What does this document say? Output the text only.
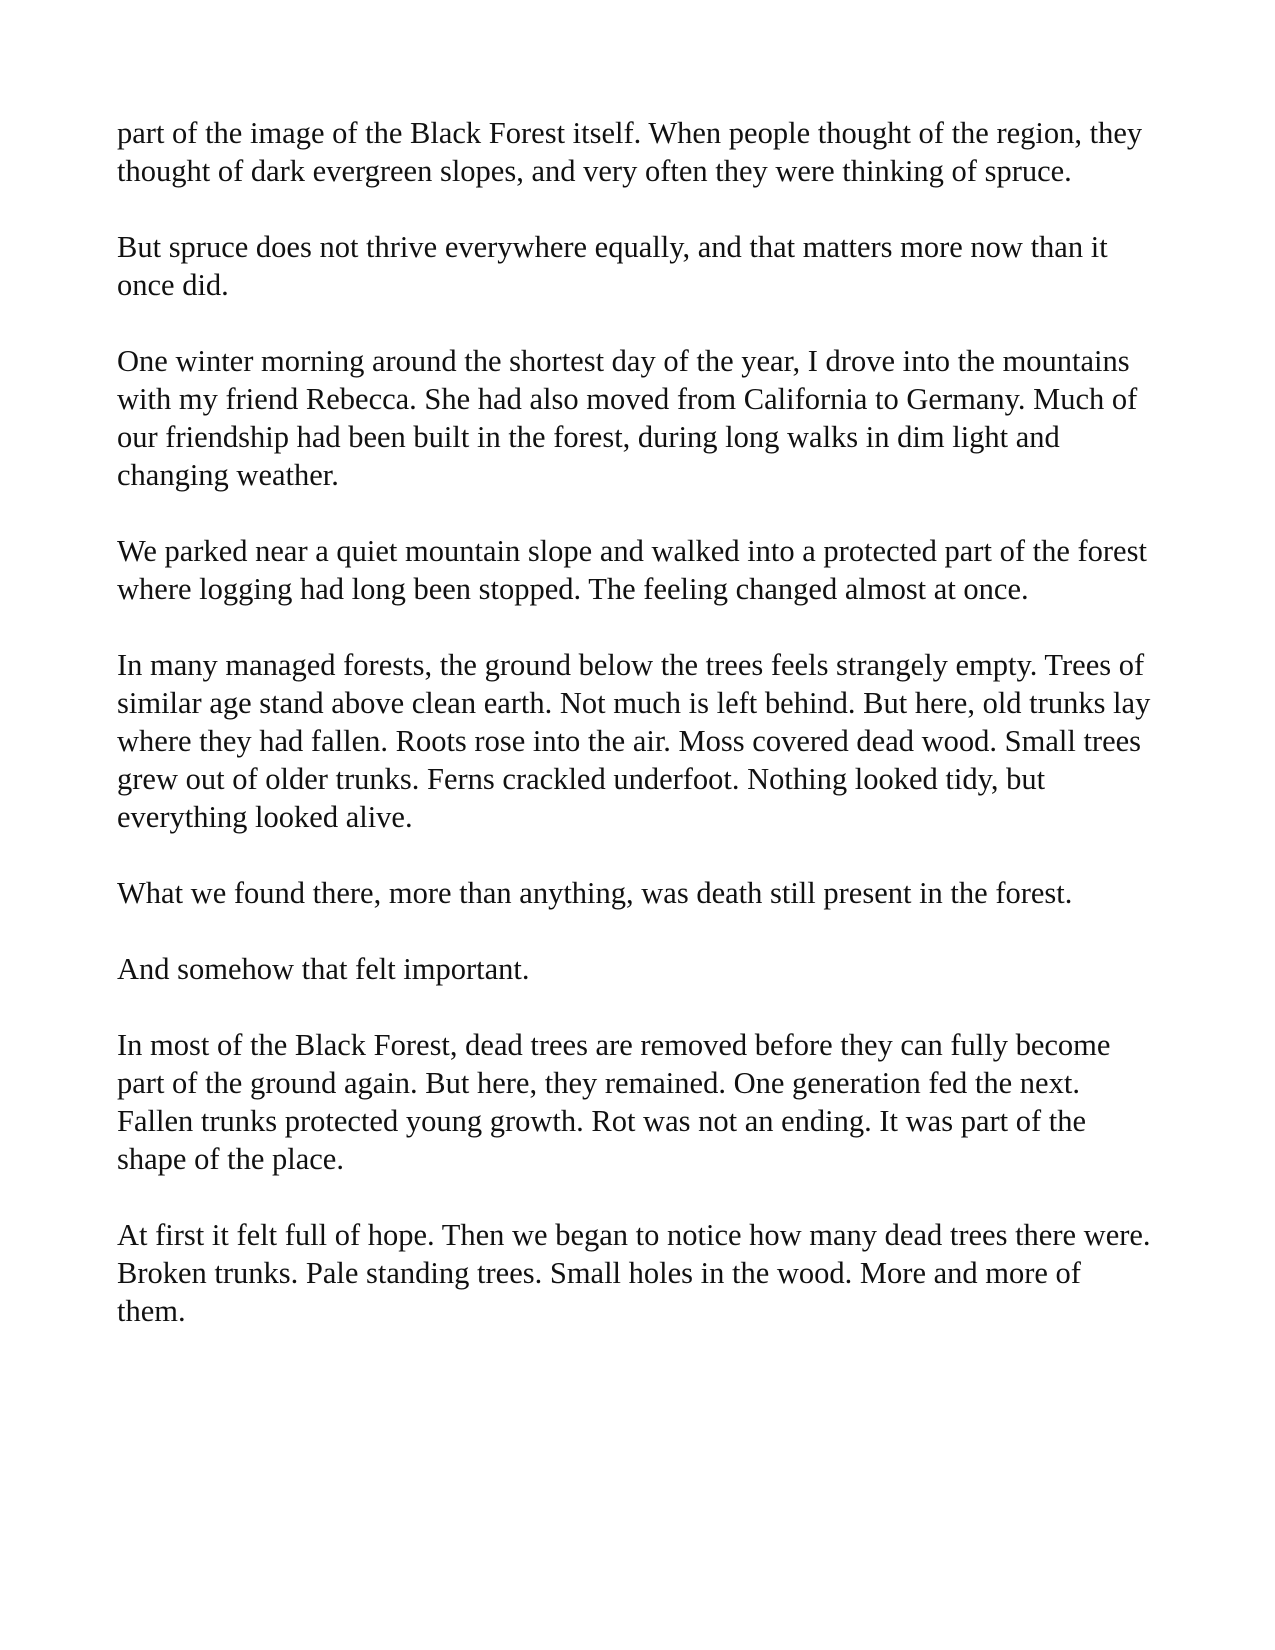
part of the image of the Black Forest itself. When people thought of the region, they thought of dark evergreen slopes, and very often they were thinking of spruce.

But spruce does not thrive everywhere equally, and that matters more now than it once did.

One winter morning around the shortest day of the year, I drove into the mountains with my friend Rebecca. She had also moved from California to Germany. Much of our friendship had been built in the forest, during long walks in dim light and changing weather.

We parked near a quiet mountain slope and walked into a protected part of the forest where logging had long been stopped. The feeling changed almost at once.

In many managed forests, the ground below the trees feels strangely empty. Trees of similar age stand above clean earth. Not much is left behind. But here, old trunks lay where they had fallen. Roots rose into the air. Moss covered dead wood. Small trees grew out of older trunks. Ferns crackled underfoot. Nothing looked tidy, but everything looked alive.

What we found there, more than anything, was death still present in the forest.

And somehow that felt important.

In most of the Black Forest, dead trees are removed before they can fully become part of the ground again. But here, they remained. One generation fed the next. Fallen trunks protected young growth. Rot was not an ending. It was part of the shape of the place.

At first it felt full of hope. Then we began to notice how many dead trees there were. Broken trunks. Pale standing trees. Small holes in the wood. More and more of them.
